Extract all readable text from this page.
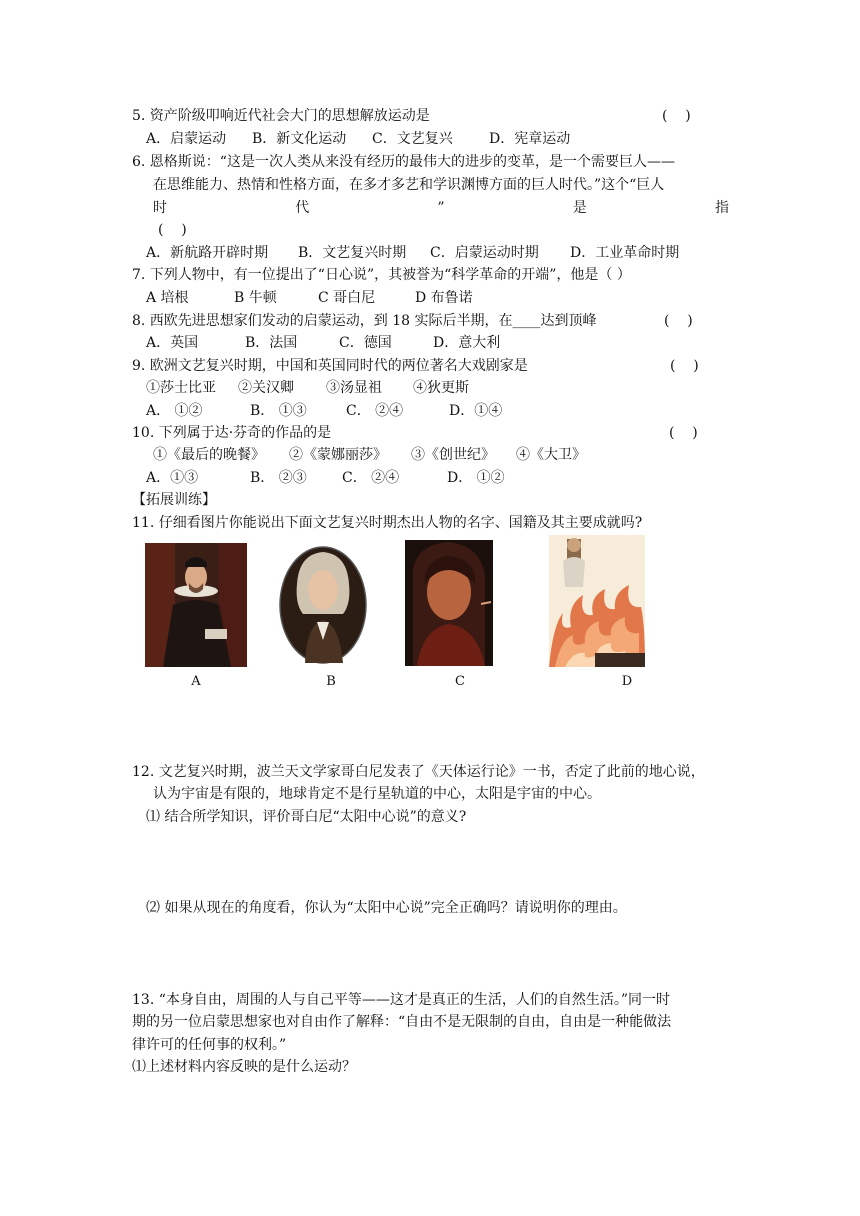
5. 资产阶级叩响近代社会大门的思想解放运动是	(    )
A．启蒙运动	B．新文化运动	C．文艺复兴	D．宪章运动
6. 恩格斯说：“这是一次人类从来没有经历的最伟大的进步的变革，是一个需要巨人——
在思维能力、热情和性格方面，在多才多艺和学识渊博方面的巨人时代。”这个“巨人
时	代	”	是	指
(    )
A．新航路开辟时期	B．文艺复兴时期	C．启蒙运动时期	D．工业革命时期
7. 下列人物中，有一位提出了“日心说”，其被誉为“科学革命的开端”，他是（ ）
A 培根	B 牛顿	C 哥白尼	D 布鲁诺
8. 西欧先进思想家们发动的启蒙运动，到 18 实际后半期，在____达到顶峰	(    )
A．英国	B．法国	C．德国	D．意大利
9. 欧洲文艺复兴时期，中国和英国同时代的两位著名大戏剧家是	(    )
①莎士比亚	②关汉卿	③汤显祖	④狄更斯
A． ①②	B． ①③	C． ②④	D．①④
10. 下列属于达·芬奇的作品的是	(    )
①《最后的晚餐》	②《蒙娜丽莎》	③《创世纪》	④《大卫》
A．①③	B． ②③	C． ②④	D． ①②
【拓展训练】
11. 仔细看图片你能说出下面文艺复兴时期杰出人物的名字、国籍及其主要成就吗?
A	B	C	D
12. 文艺复兴时期，波兰天文学家哥白尼发表了《天体运行论》一书，否定了此前的地心说，
认为宇宙是有限的，地球肯定不是行星轨道的中心，太阳是宇宙的中心。
⑴ 结合所学知识，评价哥白尼“太阳中心说”的意义?
⑵ 如果从现在的角度看，你认为“太阳中心说”完全正确吗？请说明你的理由。
13. “本身自由，周围的人与自己平等——这才是真正的生活，人们的自然生活。”同一时
期的另一位启蒙思想家也对自由作了解释：“自由不是无限制的自由，自由是一种能做法
律许可的任何事的权利。”
⑴上述材料内容反映的是什么运动？
